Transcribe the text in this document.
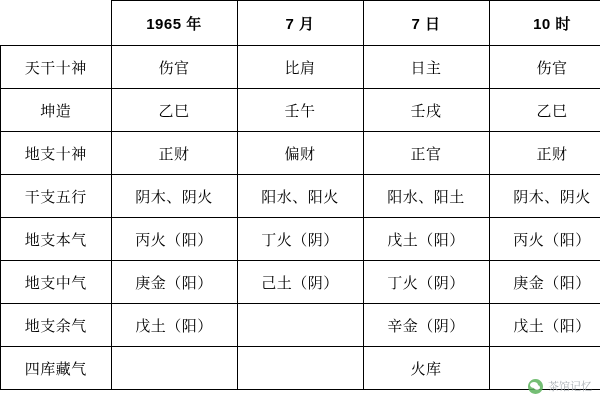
	1965 年	7 月	7 日	10 时
天干十神	伤官	比肩	日主	伤官
坤造	乙巳	壬午	壬戌	乙巳
地支十神	正财	偏财	正官	正财
干支五行	阴木、阴火	阳水、阳火	阳水、阳土	阴木、阴火
地支本气	丙火（阳）	丁火（阴）	戊土（阳）	丙火（阳）
地支中气	庚金（阳）	己土（阴）	丁火（阴）	庚金（阳）
地支余气	戊土（阳）		辛金（阴）	戊土（阳）
四库藏气			火库	
茶馆记忆
